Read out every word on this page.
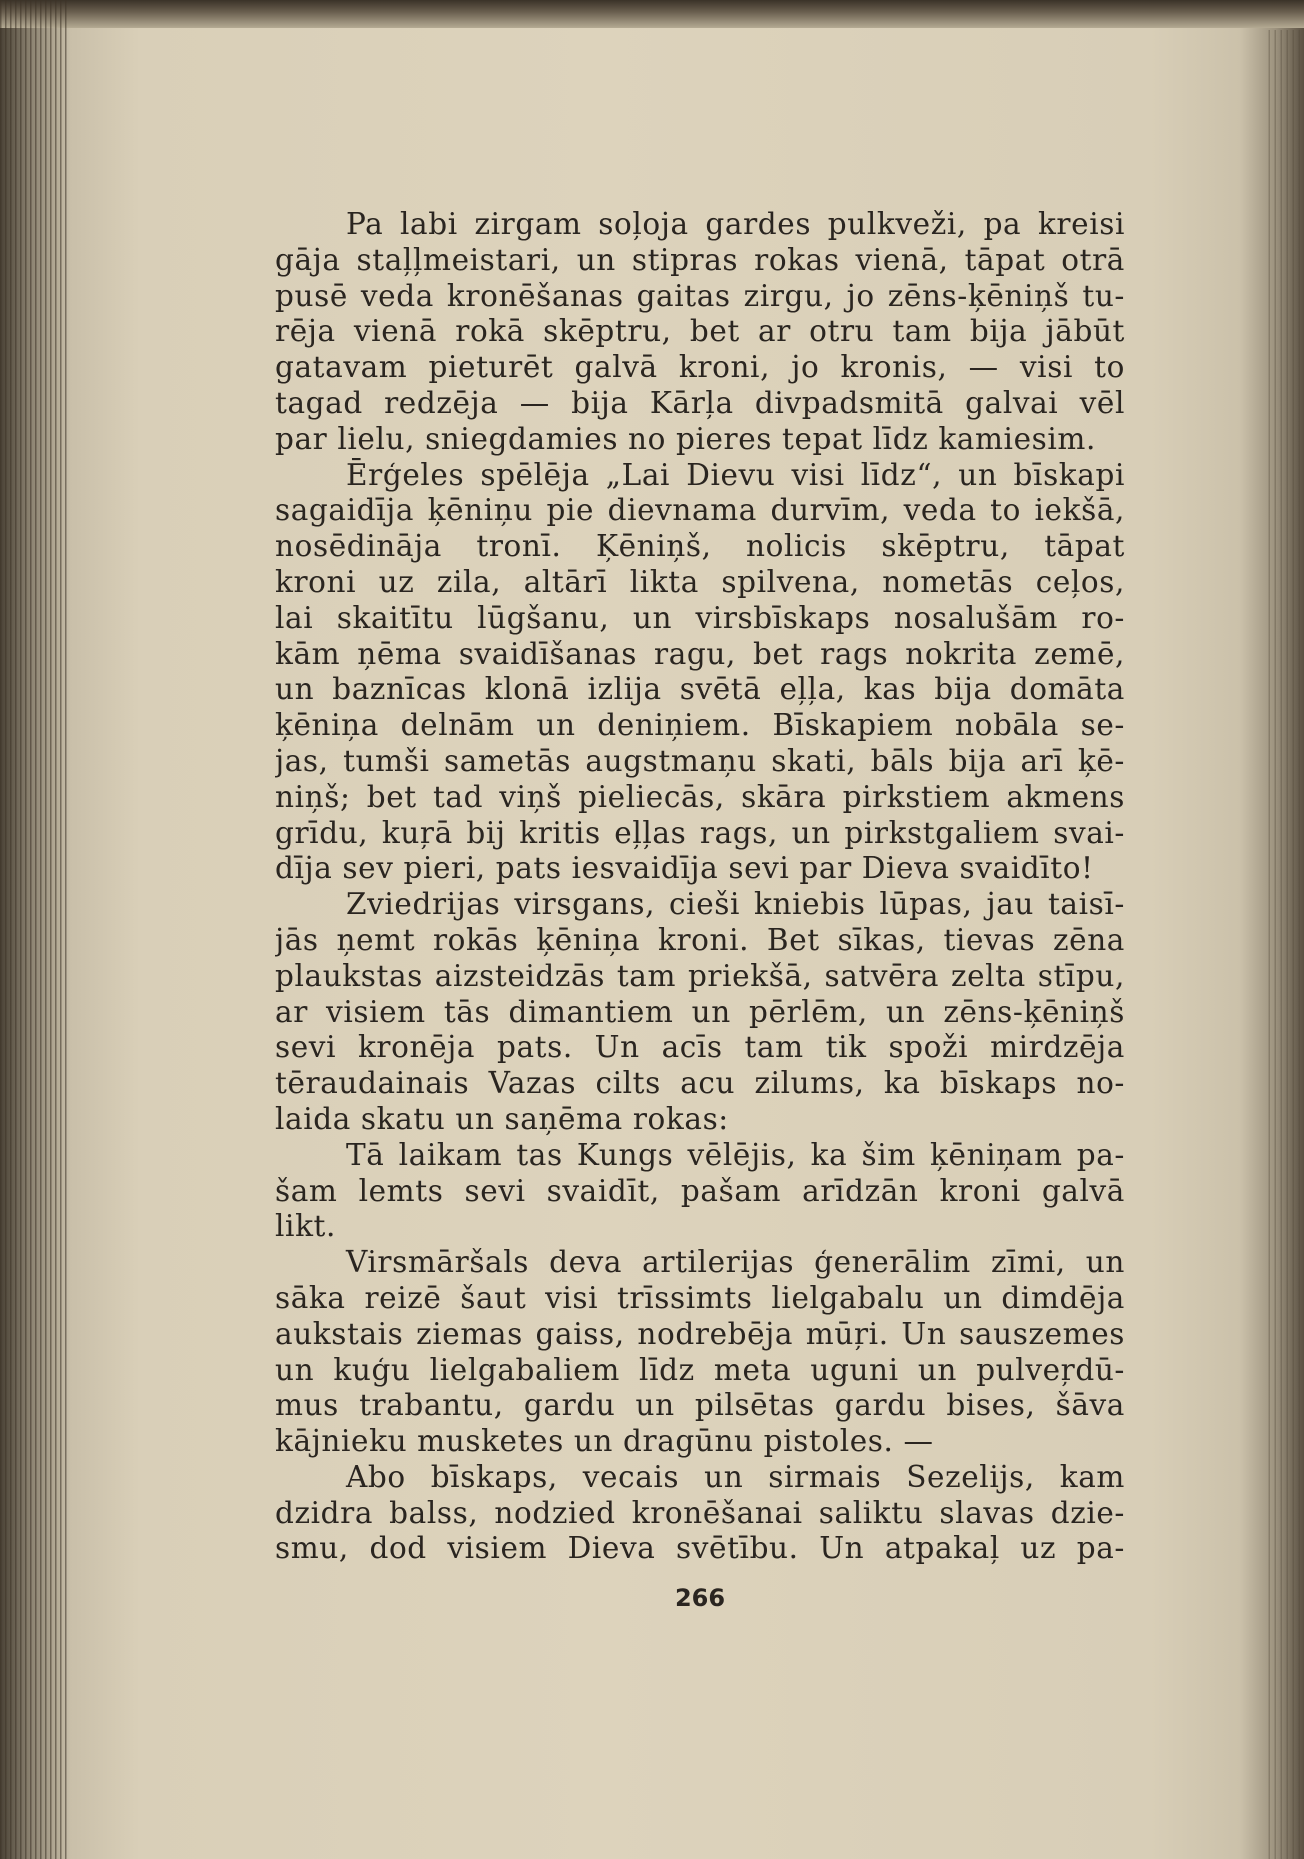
Pa labi zirgam soļoja gardes pulkveži, pa kreisi
gāja staļļmeistari, un stipras rokas vienā, tāpat otrā
pusē veda kronēšanas gaitas zirgu, jo zēns-ķēniņš tu-
rēja vienā rokā skēptru, bet ar otru tam bija jābūt
gatavam pieturēt galvā kroni, jo kronis, — visi to
tagad redzēja — bija Kārļa divpadsmitā galvai vēl
par lielu, sniegdamies no pieres tepat līdz kamiesim.
Ērģeles spēlēja „Lai Dievu visi līdz“, un bīskapi
sagaidīja ķēniņu pie dievnama durvīm, veda to iekšā,
nosēdināja tronī. Ķēniņš, nolicis skēptru, tāpat
kroni uz zila, altārī likta spilvena, nometās ceļos,
lai skaitītu lūgšanu, un virsbīskaps nosalušām ro-
kām ņēma svaidīšanas ragu, bet rags nokrita zemē,
un baznīcas klonā izlija svētā eļļa, kas bija domāta
ķēniņa delnām un deniņiem. Bīskapiem nobāla se-
jas, tumši sametās augstmaņu skati, bāls bija arī ķē-
niņš; bet tad viņš pieliecās, skāra pirkstiem akmens
grīdu, kuŗā bij kritis eļļas rags, un pirkstgaliem svai-
dīja sev pieri, pats iesvaidīja sevi par Dieva svaidīto!
Zviedrijas virsgans, cieši kniebis lūpas, jau taisī-
jās ņemt rokās ķēniņa kroni. Bet sīkas, tievas zēna
plaukstas aizsteidzās tam priekšā, satvēra zelta stīpu,
ar visiem tās dimantiem un pērlēm, un zēns-ķēniņš
sevi kronēja pats. Un acīs tam tik spoži mirdzēja
tēraudainais Vazas cilts acu zilums, ka bīskaps no-
laida skatu un saņēma rokas:
Tā laikam tas Kungs vēlējis, ka šim ķēniņam pa-
šam lemts sevi svaidīt, pašam arīdzān kroni galvā
likt.
Virsmāršals deva artilerijas ģenerālim zīmi, un
sāka reizē šaut visi trīssimts lielgabalu un dimdēja
aukstais ziemas gaiss, nodrebēja mūŗi. Un sauszemes
un kuģu lielgabaliem līdz meta uguni un pulveŗdū-
mus trabantu, gardu un pilsētas gardu bises, šāva
kājnieku musketes un dragūnu pistoles. —
Abo bīskaps, vecais un sirmais Sezelijs, kam
dzidra balss, nodzied kronēšanai saliktu slavas dzie-
smu, dod visiem Dieva svētību. Un atpakaļ uz pa-
266
